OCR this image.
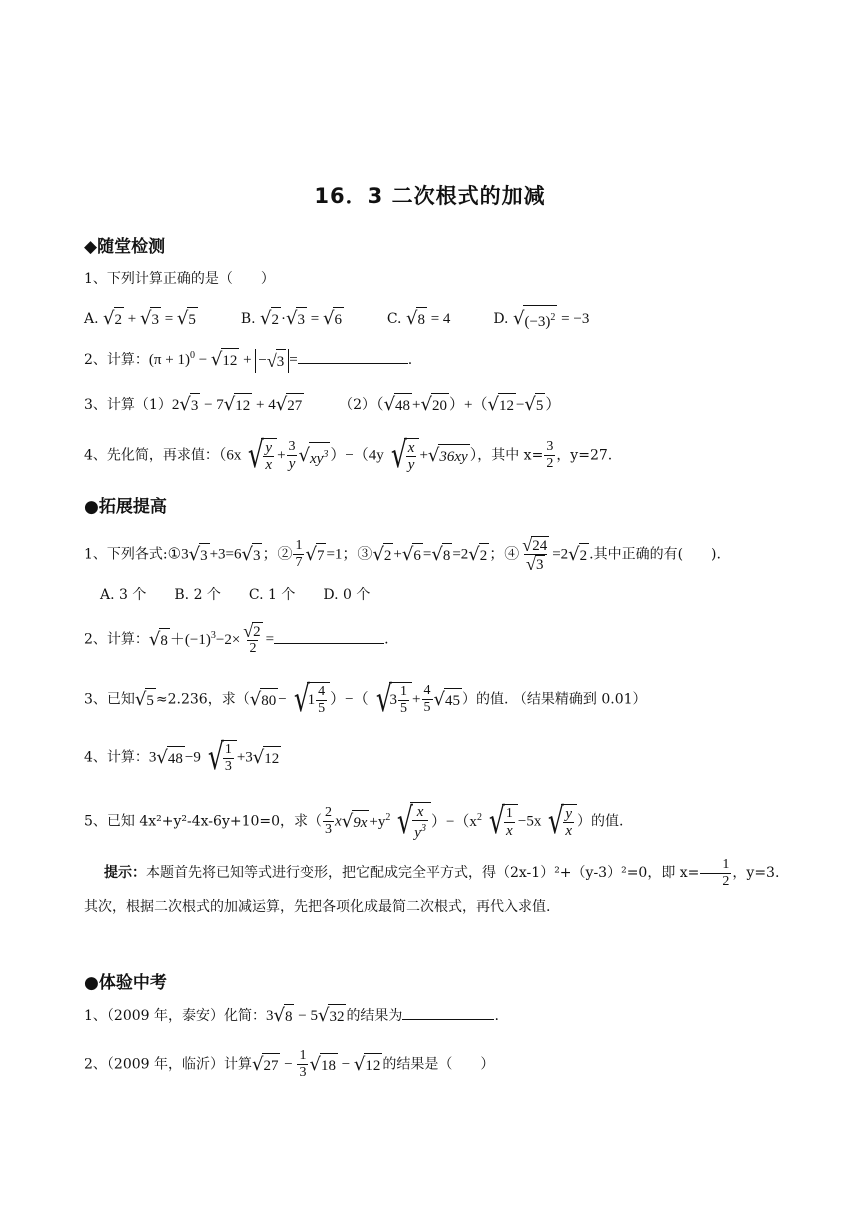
16．3 二次根式的加减
◆随堂检测
1、下列计算正确的是（　　）
A. √2 + √3 = √5	B. √2 ·√3 = √6	C. √8 = 4	D. $√(-3)^2 = -3$
2、计算：$(\pi + 1)^0 - √12 + -√3$ =	.
3、计算（1）2√3 − 7√12 + 4√27	（2）（√48 +√20 ）+（√12 −√5 ）
4、先化简，再求值：（6x √ $\frac{y}{x} + \frac{3}{y} √xy^3$ ）−（4y √ $\frac{x}{y} +√36xy$ ），其中 $x= \frac{3}{2}$ ，y=27.
●拓展提高
1、下列各式:①3√3 +3=6√3 ；② $\frac{1}{7} √7 =1$；③√2 +√6 =√8 =2√2 ；④ $\frac{√24}{√3} =2√2$ .其中正确的有(　　).
A. 3 个 B. 2 个 C. 1 个 D. 0 个
2、计算：$√8 +(-1)^3-2\times \frac{√2}{2}$ =	.
3、已知√5 ≈2.236，求（$√80 - √1 \frac{4}{5}$ ）−（ $√3 \frac{1}{5} + \frac{4}{5} √45$ ）的值. （结果精确到 0.01）
4、计算：3√48 −9 √ $\frac{1}{3} +3√12$
5、已知 4x²+y²-4x-6y+10=0，求（ $\frac{2}{3} x√9x +y^2$ √ $\frac{x}{y^3} )-(x^2$ √ $\frac{1}{x} -5x$ √ $\frac{y}{x}$ ）的值.
提示：本题首先将已知等式进行变形，把它配成完全平方式，得（2x-1）²+（y-3）²=0，即 $x= \frac{1}{2}$ ，y=3.其次，根据二次根式的加减运算，先把各项化成最简二次根式，再代入求值.
●体验中考
1、（2009 年，泰安）化简：3√8 − 5√32 的结果为	.
2、（2009 年，临沂）计算$√27 - \frac{1}{3} √18 - √12$ 的结果是（　　）
